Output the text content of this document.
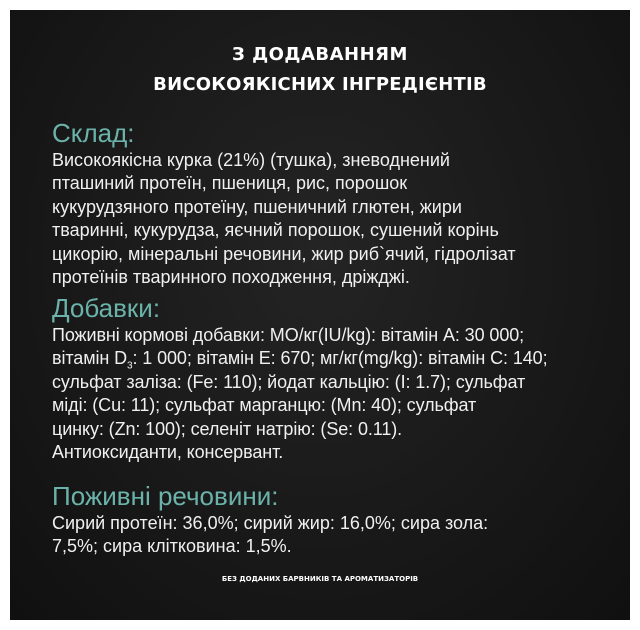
З ДОДАВАННЯМ
ВИСОКОЯКІСНИХ ІНГРЕДІЄНТІВ
Склад:
Високоякісна курка (21%) (тушка), зневоднений
пташиний протеїн, пшениця, рис, порошок
кукурудзяного протеїну, пшеничний глютен, жири
тваринні, кукурудза, яєчний порошок, сушений корінь
цикорію, мінеральні речовини, жир риб`ячий, гідролізат
протеїнів тваринного походження, дріжджі.
Добавки:
Поживні кормові добавки: МО/кг(IU/kg): вітамін А: 30 000;
вітамін $D_3$: 1 000; вітамін Е: 670; мг/кг(mg/kg): вітамін С: 140;
сульфат заліза: (Fe: 110); йодат кальцію: (I: 1.7); сульфат
міді: (Cu: 11); сульфат марганцю: (Mn: 40); сульфат
цинку: (Zn: 100); селеніт натрію: (Se: 0.11).
Антиоксиданти, консервант.
Поживні речовини:
Сирий протеїн: 36,0%; сирий жир: 16,0%; сира зола:
7,5%; сира клітковина: 1,5%.
БЕЗ ДОДАНИХ БАРВНИКІВ ТА АРОМАТИЗАТОРІВ
